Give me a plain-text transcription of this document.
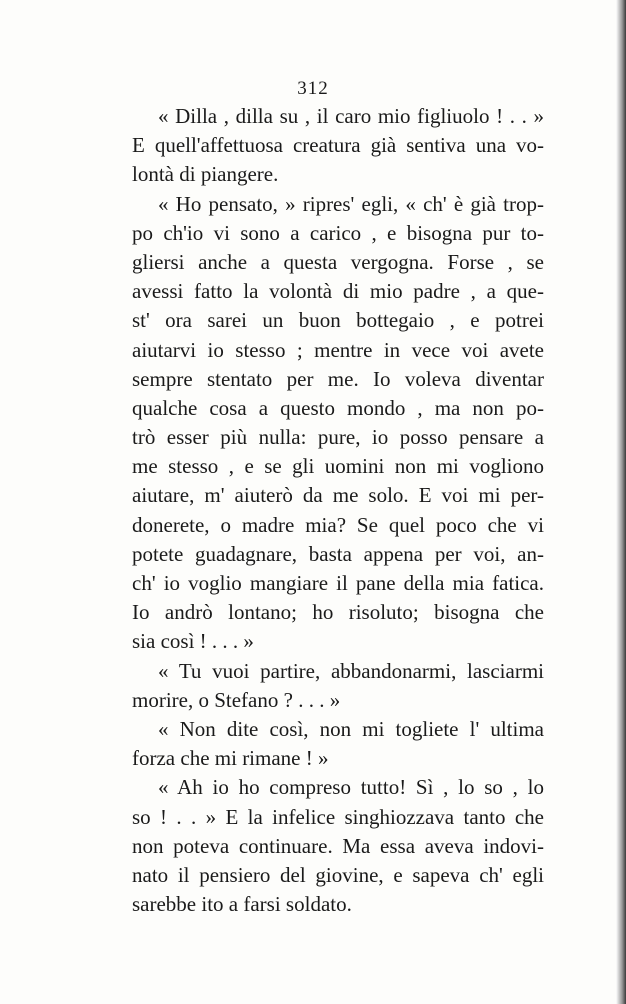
312
« Dilla , dilla su , il caro mio figliuolo ! . . »
E quell'affettuosa creatura già sentiva una vo-
lontà di piangere.
« Ho pensato, » ripres' egli, « ch' è già trop-
po ch'io vi sono a carico , e bisogna pur to-
gliersi anche a questa vergogna. Forse , se
avessi fatto la volontà di mio padre , a que-
st' ora sarei un buon bottegaio , e potrei
aiutarvi io stesso ; mentre in vece voi avete
sempre stentato per me. Io voleva diventar
qualche cosa a questo mondo , ma non po-
trò esser più nulla: pure, io posso pensare a
me stesso , e se gli uomini non mi vogliono
aiutare, m' aiuterò da me solo. E voi mi per-
donerete, o madre mia? Se quel poco che vi
potete guadagnare, basta appena per voi, an-
ch' io voglio mangiare il pane della mia fatica.
Io andrò lontano; ho risoluto; bisogna che
sia così ! . . . »
« Tu vuoi partire, abbandonarmi, lasciarmi
morire, o Stefano ? . . . »
« Non dite così, non mi togliete l' ultima
forza che mi rimane ! »
« Ah io ho compreso tutto! Sì , lo so , lo
so ! . . » E la infelice singhiozzava tanto che
non poteva continuare. Ma essa aveva indovi-
nato il pensiero del giovine, e sapeva ch' egli
sarebbe ito a farsi soldato.
